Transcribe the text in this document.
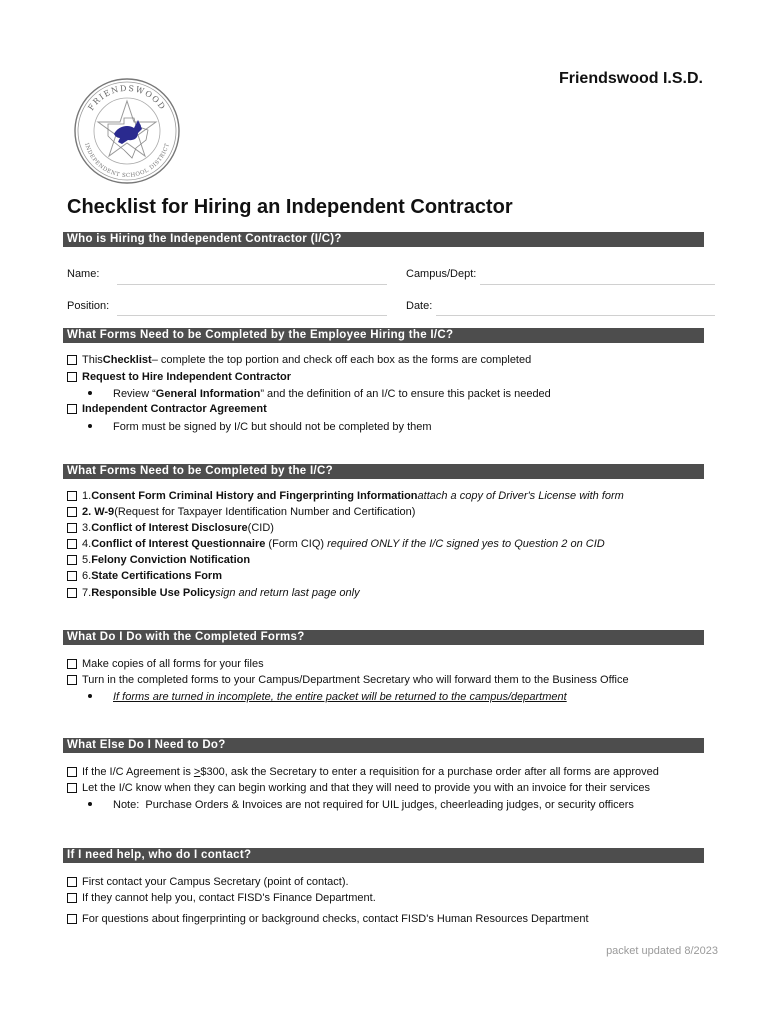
Friendswood I.S.D.
FRIENDSWOOD
INDEPENDENT SCHOOL DISTRICT
Checklist for Hiring an Independent Contractor
Who is Hiring the Independent Contractor (I/C)?
Name:	Campus/Dept:
Position:	Date:
What Forms Need to be Completed by the Employee Hiring the I/C?
This Checklist – complete the top portion and check off each box as the forms are completed
Request to Hire Independent Contractor
Review “General Information” and the definition of an I/C to ensure this packet is needed
Independent Contractor Agreement
Form must be signed by I/C but should not be completed by them
What Forms Need to be Completed by the I/C?
1. Consent Form Criminal History and Fingerprinting Information attach a copy of Driver's License with form
2. W-9 (Request for Taxpayer Identification Number and Certification)
3. Conflict of Interest Disclosure (CID)
4. Conflict of Interest Questionnaire (Form CIQ) required ONLY if the I/C signed yes to Question 2 on CID
5. Felony Conviction Notification
6. State Certifications Form
7. Responsible Use Policy sign and return last page only
What Do I Do with the Completed Forms?
Make copies of all forms for your files
Turn in the completed forms to your Campus/Department Secretary who will forward them to the Business Office
If forms are turned in incomplete, the entire packet will be returned to the campus/department
What Else Do I Need to Do?
If the I/C Agreement is > $300, ask the Secretary to enter a requisition for a purchase order after all forms are approved
Let the I/C know when they can begin working and that they will need to provide you with an invoice for their services
Note:  Purchase Orders & Invoices are not required for UIL judges, cheerleading judges, or security officers
If I need help, who do I contact?
First contact your Campus Secretary (point of contact).
If they cannot help you, contact FISD's Finance Department.
For questions about fingerprinting or background checks, contact FISD's Human Resources Department
packet updated 8/2023
